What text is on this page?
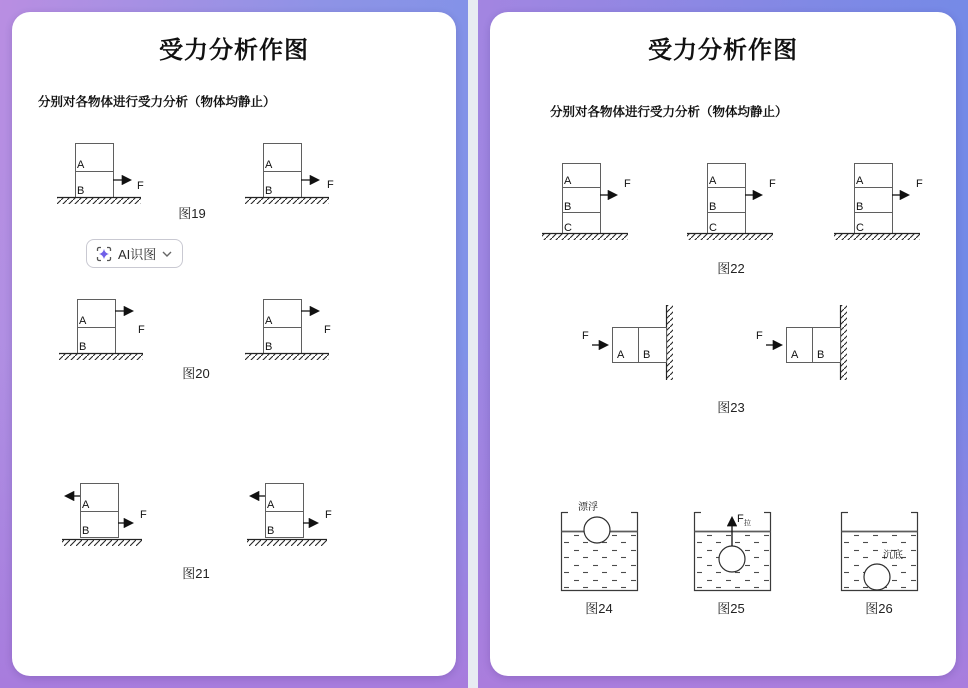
受力分析作图
分别对各物体进行受力分析（物体均静止）
A
B	F
A
B	F
图19
AI识图
A
B
F
A
B
F
图20
A
B
F
A
B
F
图21
受力分析作图
分别对各物体进行受力分析（物体均静止）
A
B
C
F	A
B
C
F	A
B
C
F
图22
A B
F
A B
F
图23
漂浮
图24
F 拉
图25
沉底
图26
